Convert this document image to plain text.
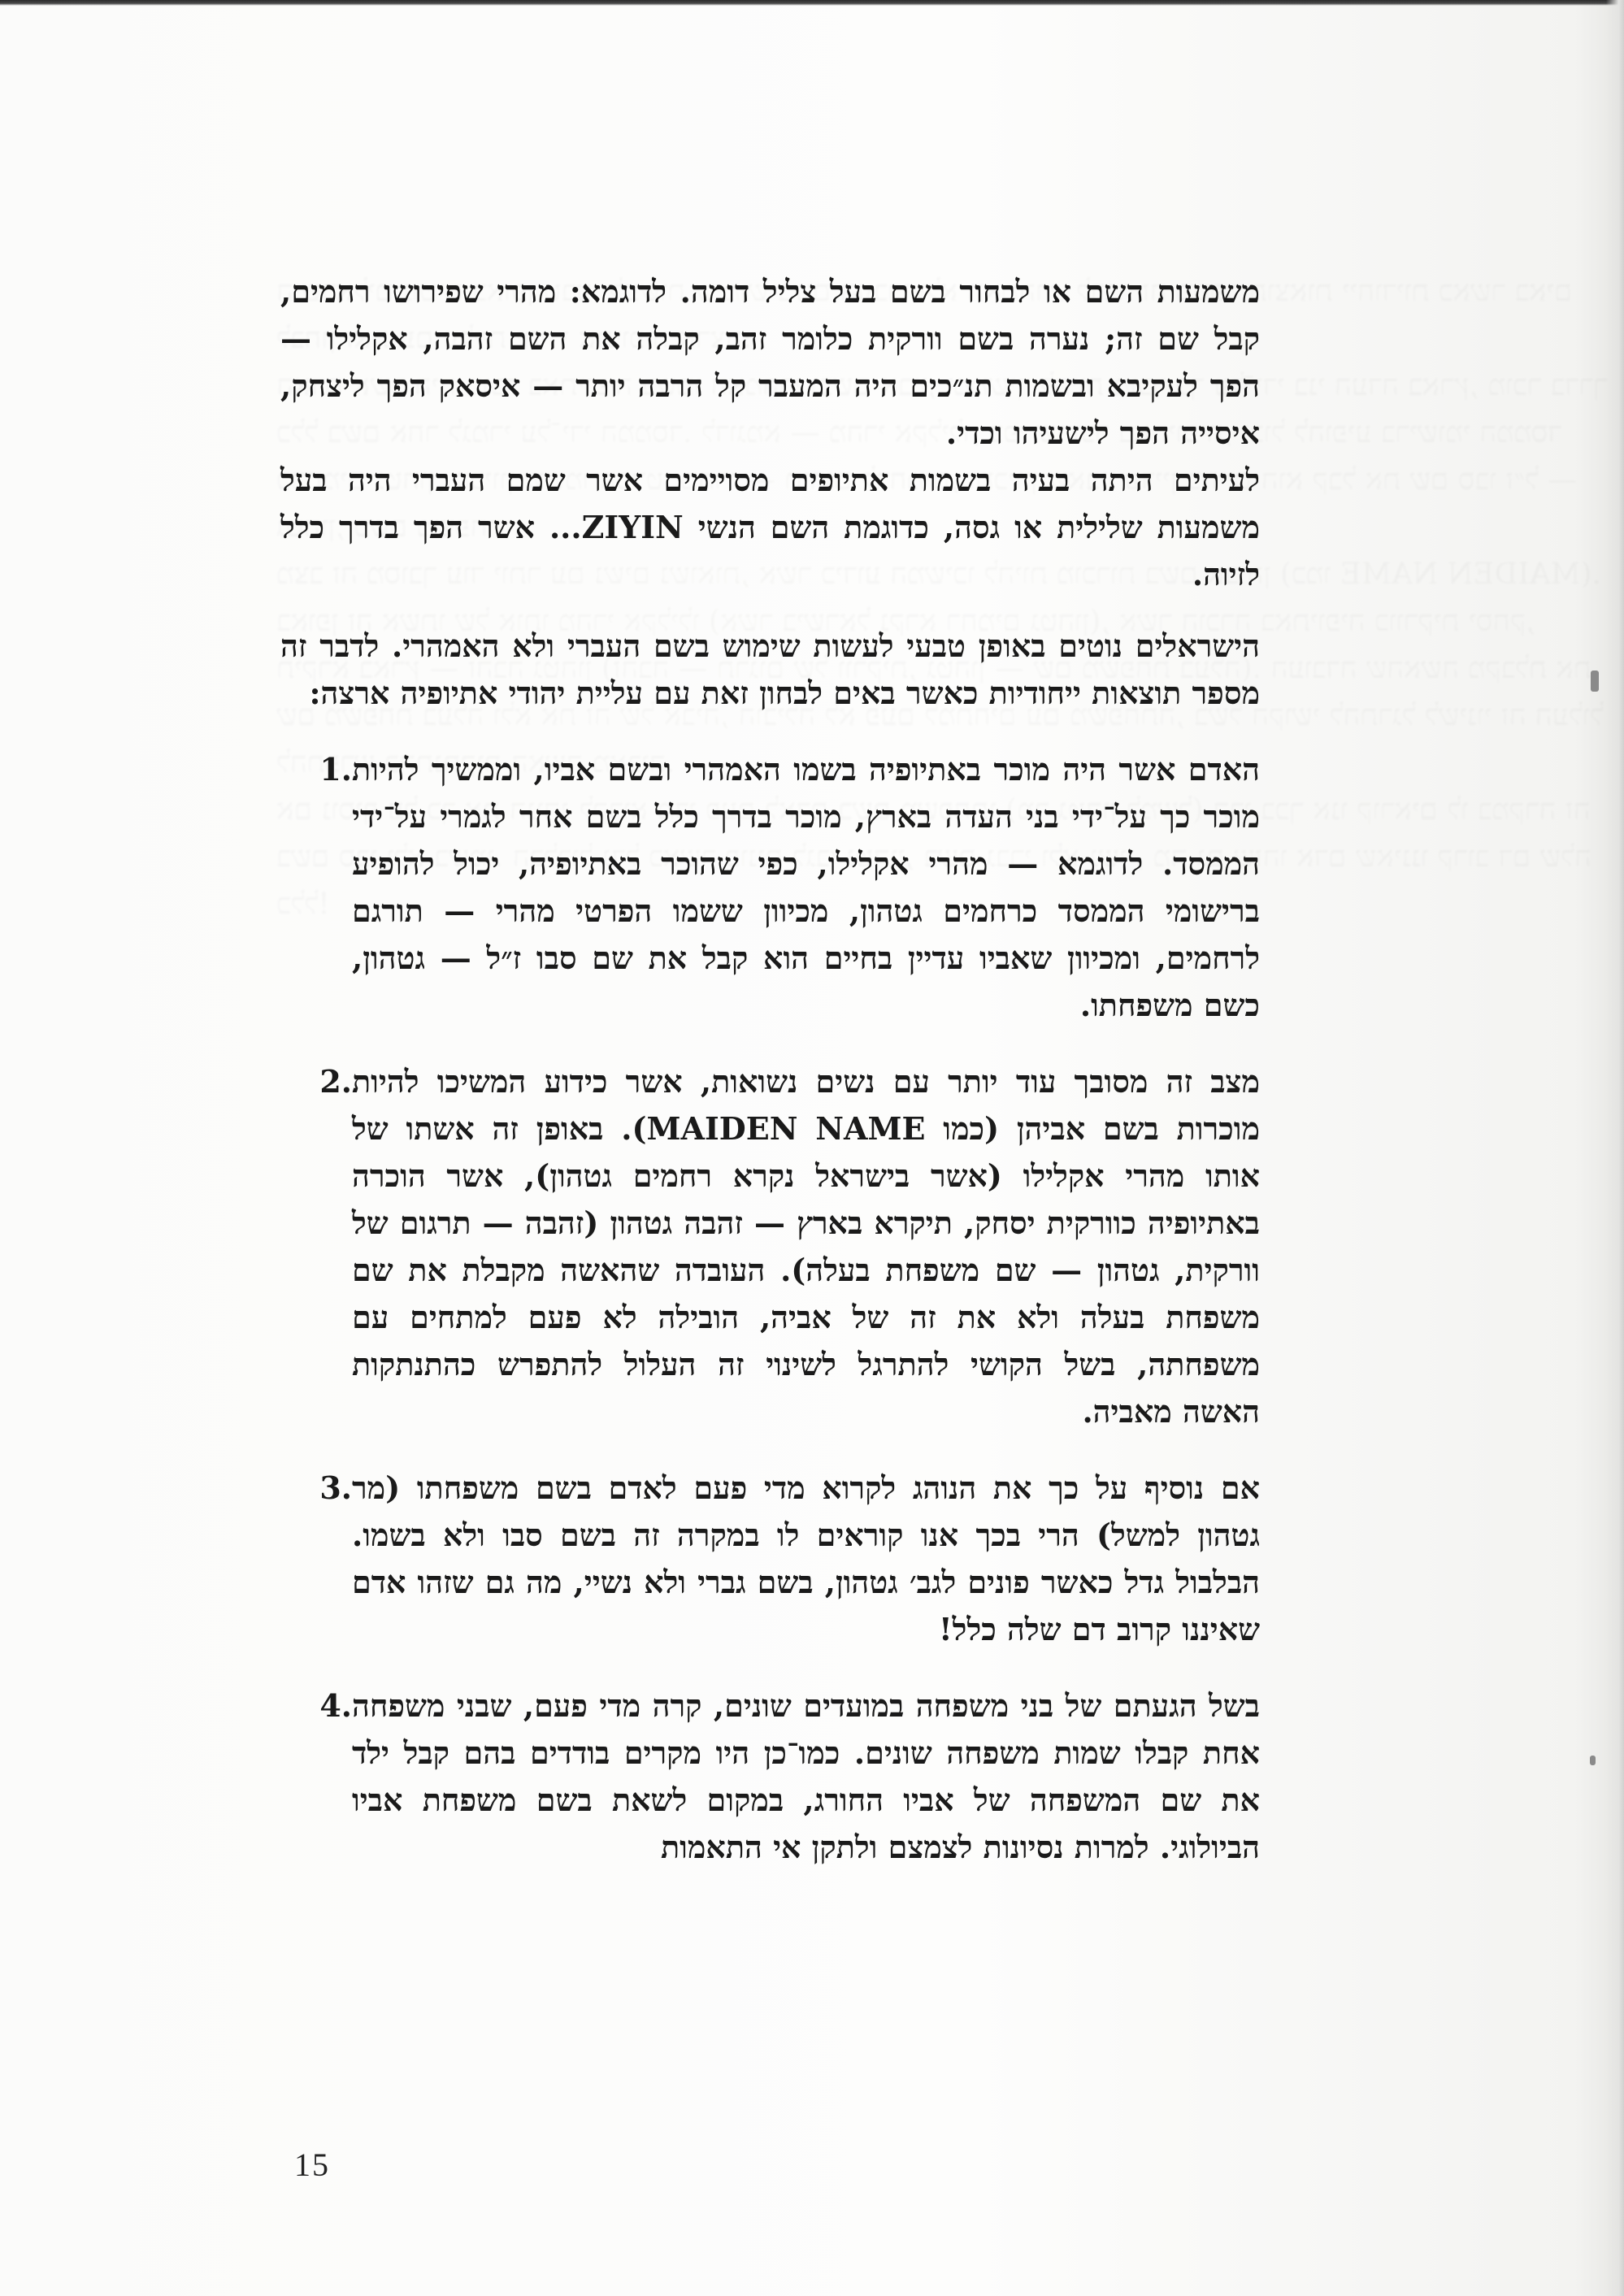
משמעות השם או לבחור בשם בעל צליל דומה. לדוגמא: מהרי שפירושו רחמים, קבל שם זה; נערה בשם וורקית כלומר זהב, קבלה את השם זהבה, אקלילו — הפך לעקיבא ובשמות תנ״כים היה המעבר קל הרבה יותר — איסאק הפך ליצחק, איסייה הפך לישעיהו וכדי.

לעיתים היתה בעיה בשמות אתיופים מסויימים אשר שמם העברי היה בעל משמעות שלילית או גסה, כדוגמת השם הנשי ZIYIN... אשר הפך בדרך כלל לזיוה.

הישראלים נוטים באופן טבעי לעשות שימוש בשם העברי ולא האמהרי. לדבר זה מספר תוצאות ייחודיות כאשר באים לבחון זאת עם עליית יהודי אתיופיה ארצה:

האדם אשר היה מוכר באתיופיה בשמו האמהרי ובשם אביו, וממשיך להיות מוכר כך על־ידי בני העדה בארץ, מוכר בדרך כלל בשם אחר לגמרי על־ידי הממסד. לדוגמא — מהרי אקלילו, כפי שהוכר באתיופיה, יכול להופיע ברישומי הממסד כרחמים גטהון, מכיוון ששמו הפרטי מהרי — תורגם לרחמים, ומכיוון שאביו עדיין בחיים הוא קבל את שם סבו ז״ל — גטהון, כשם משפחתו.
1.
מצב זה מסובך עוד יותר עם נשים נשואות, אשר כידוע המשיכו להיות מוכרות בשם אביהן (כמו MAIDEN NAME). באופן זה אשתו של אותו מהרי אקלילו (אשר בישראל נקרא רחמים גטהון), אשר הוכרה באתיופיה כוורקית יסחק, תיקרא בארץ — זהבה גטהון (זהבה — תרגום של וורקית, גטהון — שם משפחת בעלה). העובדה שהאשה מקבלת את שם משפחת בעלה ולא את זה של אביה, הובילה לא פעם למתחים עם משפחתה, בשל הקושי להתרגל לשינוי זה העלול להתפרש כהתנתקות האשה מאביה.
2.
אם נוסיף על כך את הנוהג לקרוא מדי פעם לאדם בשם משפחתו (מר גטהון למשל) הרי בכך אנו קוראים לו במקרה זה בשם סבו ולא בשמו. הבלבול גדל כאשר פונים לגב׳ גטהון, בשם גברי ולא נשיי, מה גם שזהו אדם שאיננו קרוב דם שלה כלל!
3.
בשל הגעתם של בני משפחה במועדים שונים, קרה מדי פעם, שבני משפחה אחת קבלו שמות משפחה שונים. כמו־כן היו מקרים בודדים בהם קבל ילד את שם המשפחה של אביו החורג, במקום לשאת בשם משפחת אביו הביולוגי. למרות נסיונות לצמצם ולתקן אי התאמות
4.
15
